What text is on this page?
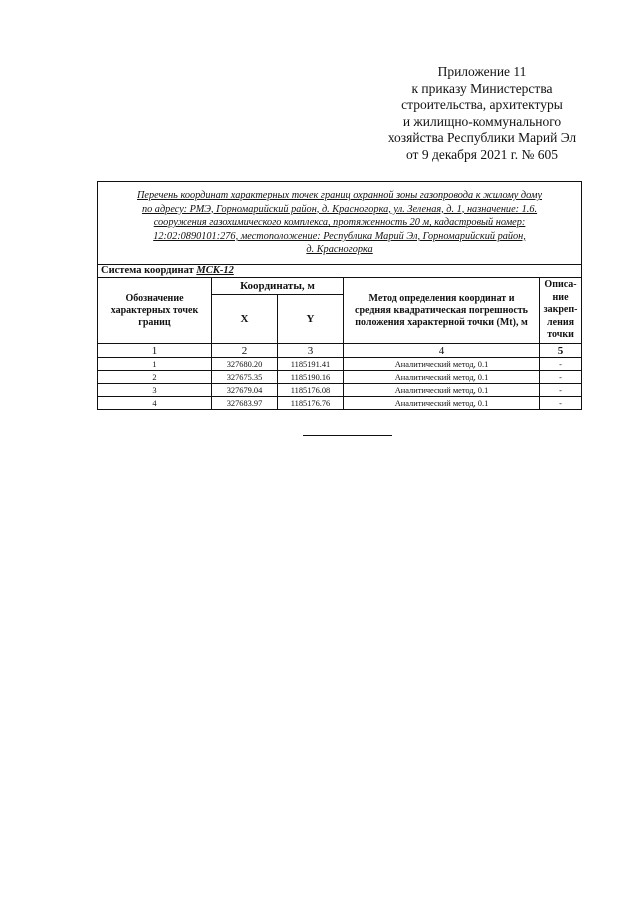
Приложение 11
к приказу Министерства
строительства, архитектуры
и жилищно-коммунального
хозяйства Республики Марий Эл
от 9 декабря 2021 г. № 605
Перечень координат характерных точек границ охранной зоны газопровода к жилому дому
по адресу: РМЭ, Горномарийский район, д. Красногорка, ул. Зеленая, д. 1, назначение: 1.6.
сооружения газохимического комплекса, протяженность 20 м, кадастровый номер:
12:02:0890101:276, местоположение: Республика Марий Эл, Горномарийский район,
д. Красногорка				

Система координат МСК-12				
Обозначение характерных точек границ	Координаты, м		Метод определения координат и средняя квадратическая погрешность положения характерной точки (Mt), м	Описа-
ние
закреп-
ления
точки

	X	Y		
1	2	3	4	5
1	327680.20	1185191.41	Аналитический метод, 0.1	-
2	327675.35	1185190.16	Аналитический метод, 0.1	-
3	327679.04	1185176.08	Аналитический метод, 0.1	-
4	327683.97	1185176.76	Аналитический метод, 0.1	-
